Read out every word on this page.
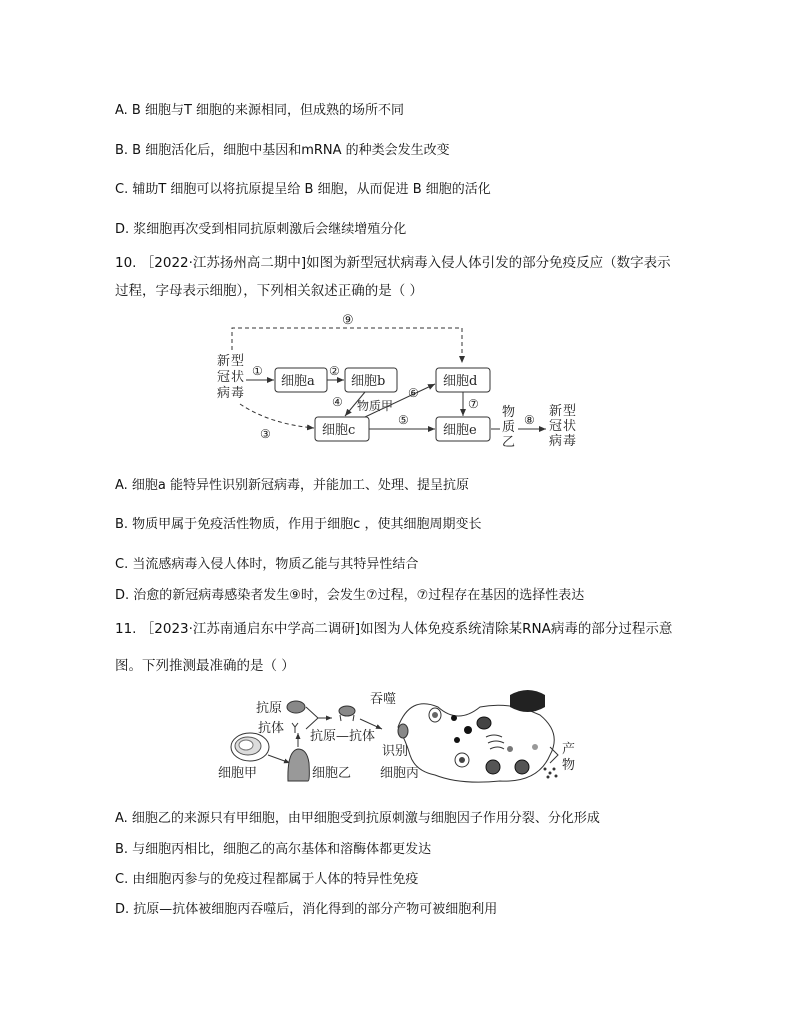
A. B 细胞与T 细胞的来源相同，但成熟的场所不同
B. B 细胞活化后，细胞中基因和mRNA 的种类会发生改变
C. 辅助T 细胞可以将抗原提呈给 B 细胞，从而促进 B 细胞的活化
D. 浆细胞再次受到相同抗原刺激后会继续增殖分化
10. ［2022·江苏扬州高二期中]如图为新型冠状病毒入侵人体引发的部分免疫反应（数字表示
过程，字母表示细胞），下列相关叙述正确的是（ ）
新 型
冠 状
病 毒
⑨
细胞a	细胞b
细胞c
细胞d
细胞e
①	②
③
④ 物质甲
⑤
⑥
⑦
物
质
乙
⑧
新 型
冠 状
病 毒
A. 细胞a 能特异性识别新冠病毒，并能加工、处理、提呈抗原
B. 物质甲属于免疫活性物质，作用于细胞c ，使其细胞周期变长
C. 当流感病毒入侵人体时，物质乙能与其特异性结合
D. 治愈的新冠病毒感染者发生⑨时，会发生⑦过程，⑦过程存在基因的选择性表达
11. ［2023·江苏南通启东中学高二调研]如图为人体免疫系统清除某RNA病毒的部分过程示意
图。下列推测最准确的是（ ）
细胞甲	细胞乙
抗原
抗体
抗原—抗体
吞噬
识别
细胞丙
产
物
A. 细胞乙的来源只有甲细胞，由甲细胞受到抗原刺激与细胞因子作用分裂、分化形成
B. 与细胞丙相比，细胞乙的高尔基体和溶酶体都更发达
C. 由细胞丙参与的免疫过程都属于人体的特异性免疫
D. 抗原—抗体被细胞丙吞噬后，消化得到的部分产物可被细胞利用
